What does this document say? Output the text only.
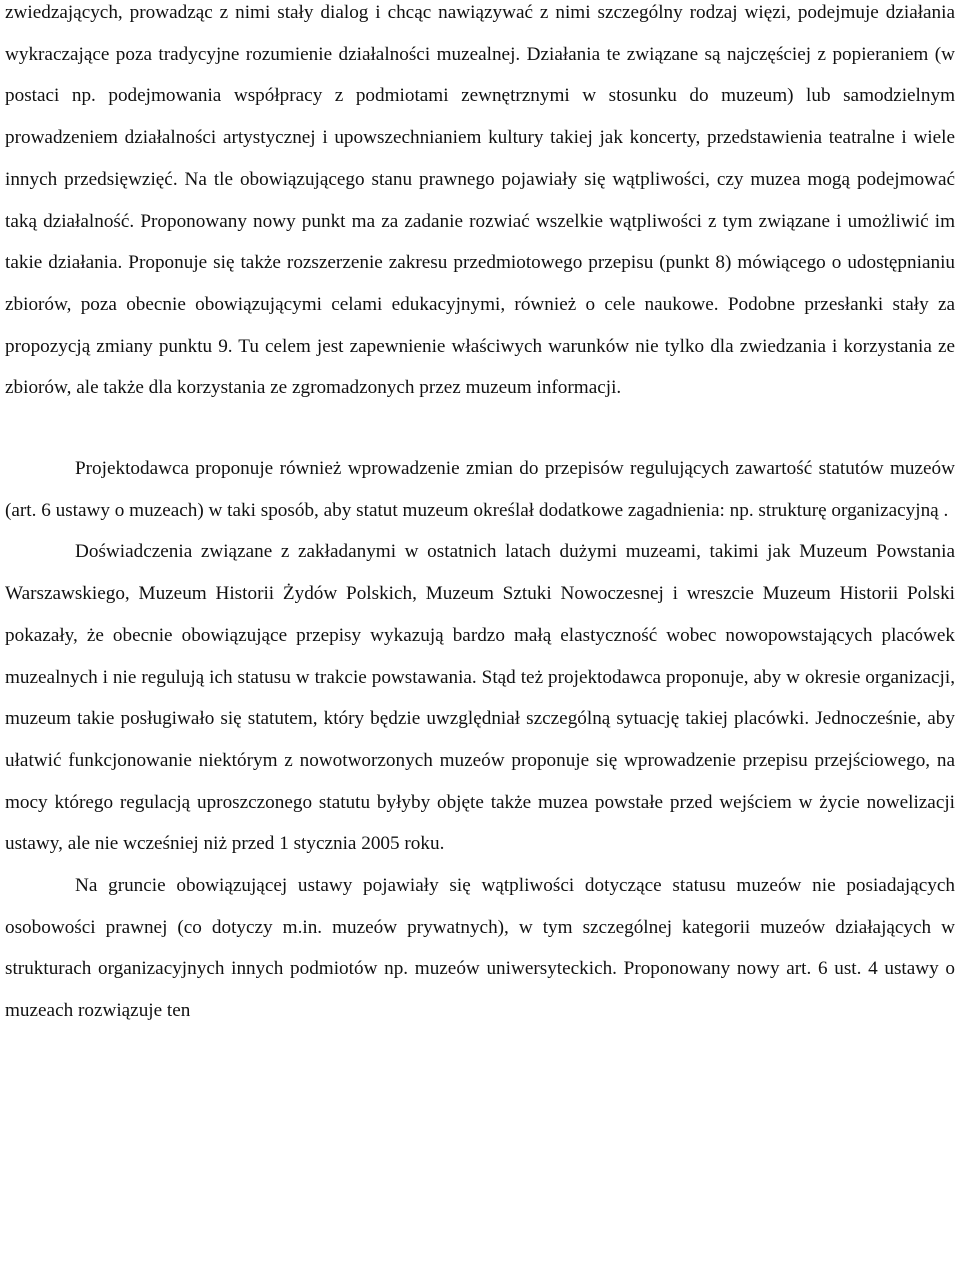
zwiedzających, prowadząc z nimi stały dialog i chcąc nawiązywać z nimi szczególny rodzaj więzi, podejmuje działania wykraczające poza tradycyjne rozumienie działalności muzealnej. Działania te związane są najczęściej z popieraniem (w postaci np. podejmowania współpracy z podmiotami zewnętrznymi w stosunku do muzeum) lub samodzielnym prowadzeniem działalności artystycznej i upowszechnianiem kultury takiej jak koncerty, przedstawienia teatralne i wiele innych przedsięwzięć. Na tle obowiązującego stanu prawnego pojawiały się wątpliwości, czy muzea mogą podejmować taką działalność. Proponowany nowy punkt ma za zadanie rozwiać wszelkie wątpliwości z tym związane i umożliwić im takie działania. Proponuje się także rozszerzenie zakresu przedmiotowego przepisu (punkt 8) mówiącego o udostępnianiu zbiorów, poza obecnie obowiązującymi celami edukacyjnymi, również o cele naukowe. Podobne przesłanki stały za propozycją zmiany punktu 9. Tu celem jest zapewnienie właściwych warunków nie tylko dla zwiedzania i korzystania ze zbiorów, ale także dla korzystania ze zgromadzonych przez muzeum informacji.

Projektodawca proponuje również wprowadzenie zmian do przepisów regulujących zawartość statutów muzeów (art. 6 ustawy o muzeach) w taki sposób, aby statut muzeum określał dodatkowe zagadnienia: np. strukturę organizacyjną .

Doświadczenia związane z zakładanymi w ostatnich latach dużymi muzeami, takimi jak Muzeum Powstania Warszawskiego, Muzeum Historii Żydów Polskich, Muzeum Sztuki Nowoczesnej i wreszcie Muzeum Historii Polski pokazały, że obecnie obowiązujące przepisy wykazują bardzo małą elastyczność wobec nowopowstających placówek muzealnych i nie regulują ich statusu w trakcie powstawania. Stąd też projektodawca proponuje, aby w okresie organizacji, muzeum takie posługiwało się statutem, który będzie uwzględniał szczególną sytuację takiej placówki. Jednocześnie, aby ułatwić funkcjonowanie niektórym z nowotworzonych muzeów proponuje się wprowadzenie przepisu przejściowego, na mocy którego regulacją uproszczonego statutu byłyby objęte także muzea powstałe przed wejściem w życie nowelizacji ustawy, ale nie wcześniej niż przed 1 stycznia 2005 roku.

Na gruncie obowiązującej ustawy pojawiały się wątpliwości dotyczące statusu muzeów nie posiadających osobowości prawnej (co dotyczy m.in. muzeów prywatnych), w tym szczególnej kategorii muzeów działających w strukturach organizacyjnych innych podmiotów np. muzeów uniwersyteckich. Proponowany nowy art. 6 ust. 4 ustawy o muzeach rozwiązuje ten
